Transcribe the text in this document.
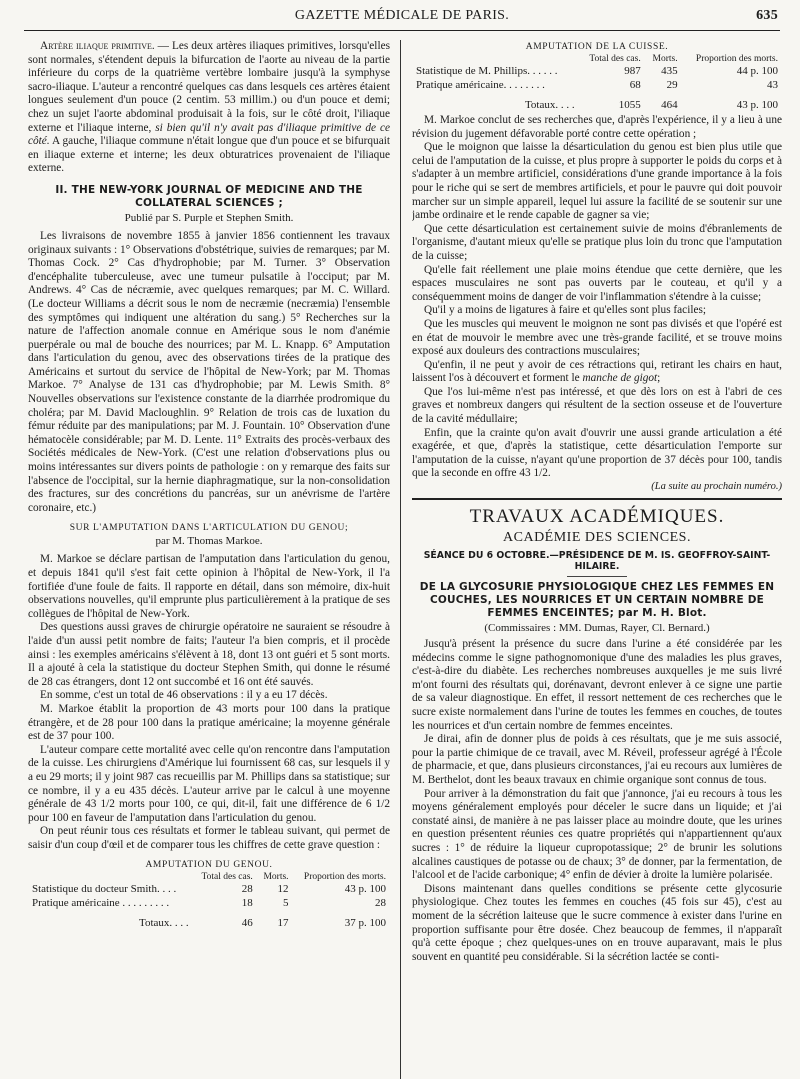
GAZETTE MÉDICALE DE PARIS.	635

Artère iliaque primitive. — Les deux artères iliaques primitives, lorsqu'elles sont normales, s'étendent depuis la bifurcation de l'aorte au niveau de la partie inférieure du corps de la quatrième vertèbre lombaire jusqu'à la symphyse sacro-iliaque. L'auteur a rencontré quelques cas dans lesquels ces artères étaient longues seulement d'un pouce (2 centim. 53 millim.) ou d'un pouce et demi; chez un sujet l'aorte abdominal produisait à la fois, sur le côté droit, l'iliaque externe et l'iliaque interne, si bien qu'il n'y avait pas d'iliaque primitive de ce côté. A gauche, l'iliaque commune n'était longue que d'un pouce et se bifurquait en iliaque externe et interne; les deux obturatrices provenaient de l'iliaque externe.

II. THE NEW-YORK JOURNAL OF MEDICINE AND THE COLLATERAL SCIENCES ;
Publié par S. Purple et Stephen Smith.

Les livraisons de novembre 1855 à janvier 1856 contiennent les travaux originaux suivants : 1° Observations d'obstétrique, suivies de remarques; par M. Thomas Cock. 2° Cas d'hydrophobie; par M. Turner. 3° Observation d'encéphalite tuberculeuse, avec une tumeur pulsatile à l'occiput; par M. Andrews. 4° Cas de nécræmie, avec quelques remarques; par M. C. Willard. (Le docteur Williams a décrit sous le nom de necræmie (necræmia) l'ensemble des symptômes qui indiquent une altération du sang.) 5° Recherches sur la nature de l'affection anomale connue en Amérique sous le nom d'anémie puerpérale ou mal de bouche des nourrices; par M. L. Knapp. 6° Amputation dans l'articulation du genou, avec des observations tirées de la pratique des Américains et surtout du service de l'hôpital de New-York; par M. Thomas Markoe. 7° Analyse de 131 cas d'hydrophobie; par M. Lewis Smith. 8° Nouvelles observations sur l'existence constante de la diarrhée prodromique du choléra; par M. David Macloughlin. 9° Relation de trois cas de luxation du fémur réduite par des manipulations; par M. J. Fountain. 10° Observation d'une hématocèle considérable; par M. D. Lente. 11° Extraits des procès-verbaux des Sociétés médicales de New-York. (C'est une relation d'observations plus ou moins intéressantes sur divers points de pathologie : on y remarque des faits sur l'absence de l'occipital, sur la hernie diaphragmatique, sur la non-consolidation des fractures, sur des concrétions du pancréas, sur un anévrisme de l'artère coronaire, etc.)

SUR L'AMPUTATION DANS L'ARTICULATION DU GENOU;
par M. Thomas Markoe.

M. Markoe se déclare partisan de l'amputation dans l'articulation du genou, et depuis 1841 qu'il s'est fait cette opinion à l'hôpital de New-York, il l'a fortifiée d'une foule de faits. Il rapporte en détail, dans son mémoire, dix-huit observations nouvelles, qu'il emprunte plus particulièrement à la pratique de ses collègues de l'hôpital de New-York.

Des questions aussi graves de chirurgie opératoire ne sauraient se résoudre à l'aide d'un aussi petit nombre de faits; l'auteur l'a bien compris, et il procède ainsi : les exemples américains s'élèvent à 18, dont 13 ont guéri et 5 sont morts. Il a ajouté à cela la statistique du docteur Stephen Smith, qui donne le résumé de 28 cas étrangers, dont 12 ont succombé et 16 ont été sauvés.

En somme, c'est un total de 46 observations : il y a eu 17 décès.

M. Markoe établit la proportion de 43 morts pour 100 dans la pratique étrangère, et de 28 pour 100 dans la pratique américaine; la moyenne générale est de 37 pour 100.

L'auteur compare cette mortalité avec celle qu'on rencontre dans l'amputation de la cuisse. Les chirurgiens d'Amérique lui fournissent 68 cas, sur lesquels il y a eu 29 morts; il y joint 987 cas recueillis par M. Phillips dans sa statistique; sur ce nombre, il y a eu 435 décès. L'auteur arrive par le calcul à une moyenne générale de 43 1/2 morts pour 100, ce qui, dit-il, fait une différence de 6 1/2 pour 100 en faveur de l'amputation dans l'articulation du genou.

On peut réunir tous ces résultats et former le tableau suivant, qui permet de saisir d'un coup d'œil et de comparer tous les chiffres de cette grave question :

AMPUTATION DU GENOU.
	Total des cas.	Morts.	Proportion des morts.
Statistique du docteur Smith. . . .	28	12	43 p. 100
Pratique américaine . . . . . . . . .	18	5	28
Totaux. . . .	46	17	37 p. 100
AMPUTATION DE LA CUISSE.
	Total des cas.	Morts.	Proportion des morts.
Statistique de M. Phillips. . . . . .	987	435	44 p. 100
Pratique américaine. . . . . . . .	68	29	43
Totaux. . . .	1055	464	43 p. 100

M. Markoe conclut de ses recherches que, d'après l'expérience, il y a lieu à une révision du jugement défavorable porté contre cette opération ;

Que le moignon que laisse la désarticulation du genou est bien plus utile que celui de l'amputation de la cuisse, et plus propre à supporter le poids du corps et à s'adapter à un membre artificiel, considérations d'une grande importance à la fois pour le riche qui se sert de membres artificiels, et pour le pauvre qui doit pouvoir marcher sur un simple appareil, lequel lui assure la facilité de se soutenir sur une jambe ordinaire et le rende capable de gagner sa vie;

Que cette désarticulation est certainement suivie de moins d'ébranlements de l'organisme, d'autant mieux qu'elle se pratique plus loin du tronc que l'amputation de la cuisse;

Qu'elle fait réellement une plaie moins étendue que cette dernière, que les espaces musculaires ne sont pas ouverts par le couteau, et qu'il y a conséquemment moins de danger de voir l'inflammation s'étendre à la cuisse;

Qu'il y a moins de ligatures à faire et qu'elles sont plus faciles;

Que les muscles qui meuvent le moignon ne sont pas divisés et que l'opéré est en état de mouvoir le membre avec une très-grande facilité, et se trouve moins exposé aux douleurs des contractions musculaires;

Qu'enfin, il ne peut y avoir de ces rétractions qui, retirant les chairs en haut, laissent l'os à découvert et forment le manche de gigot;

Que l'os lui-même n'est pas intéressé, et que dès lors on est à l'abri de ces graves et nombreux dangers qui résultent de la section osseuse et de l'ouverture de la cavité médullaire;

Enfin, que la crainte qu'on avait d'ouvrir une aussi grande articulation a été exagérée, et que, d'après la statistique, cette désarticulation l'emporte sur l'amputation de la cuisse, n'ayant qu'une proportion de 37 décès pour 100, tandis que la seconde en offre 43 1/2.

(La suite au prochain numéro.)
TRAVAUX ACADÉMIQUES.
ACADÉMIE DES SCIENCES.
SÉANCE DU 6 OCTOBRE.—PRÉSIDENCE DE M. IS. GEOFFROY-SAINT-HILAIRE.
DE LA GLYCOSURIE PHYSIOLOGIQUE CHEZ LES FEMMES EN COUCHES, LES NOURRICES ET UN CERTAIN NOMBRE DE FEMMES ENCEINTES; par M. H. Blot.
(Commissaires : MM. Dumas, Rayer, Cl. Bernard.)

Jusqu'à présent la présence du sucre dans l'urine a été considérée par les médecins comme le signe pathognomonique d'une des maladies les plus graves, c'est-à-dire du diabète. Les recherches nombreuses auxquelles je me suis livré m'ont fourni des résultats qui, dorénavant, devront enlever à ce signe une partie de sa valeur diagnostique. En effet, il ressort nettement de ces recherches que le sucre existe normalement dans l'urine de toutes les femmes en couches, de toutes les nourrices et d'un certain nombre de femmes enceintes.

Je dirai, afin de donner plus de poids à ces résultats, que je me suis associé, pour la partie chimique de ce travail, avec M. Réveil, professeur agrégé à l'École de pharmacie, et que, dans plusieurs circonstances, j'ai eu recours aux lumières de M. Berthelot, dont les beaux travaux en chimie organique sont connus de tous.

Pour arriver à la démonstration du fait que j'annonce, j'ai eu recours à tous les moyens généralement employés pour déceler le sucre dans un liquide; et j'ai constaté ainsi, de manière à ne pas laisser place au moindre doute, que les urines en question présentent réunies ces quatre propriétés qui n'appartiennent qu'aux sucres : 1° de réduire la liqueur cupropotassique; 2° de brunir les solutions alcalines caustiques de potasse ou de chaux; 3° de donner, par la fermentation, de l'alcool et de l'acide carbonique; 4° enfin de dévier à droite la lumière polarisée.

Disons maintenant dans quelles conditions se présente cette glycosurie physiologique. Chez toutes les femmes en couches (45 fois sur 45), c'est au moment de la sécrétion laiteuse que le sucre commence à exister dans l'urine en proportion suffisante pour être dosée. Chez beaucoup de femmes, il n'apparaît qu'à cette époque ; chez quelques-unes on en trouve auparavant, mais le plus souvent en quantité peu considérable. Si la sécrétion lactée se conti-
